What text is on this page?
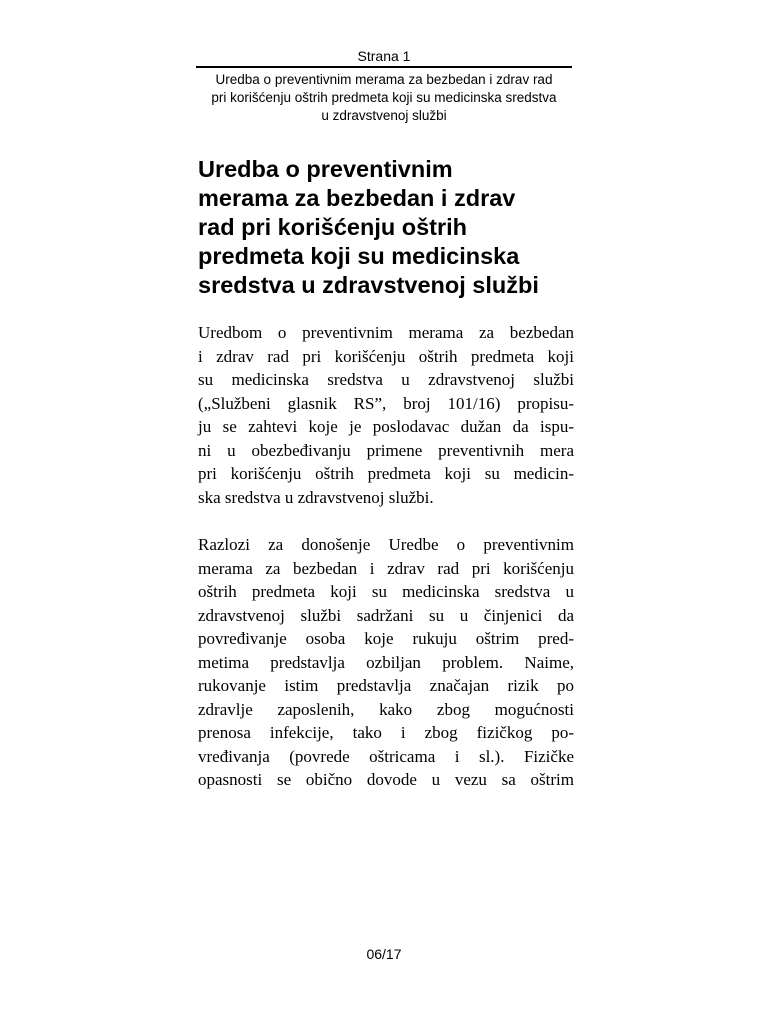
Strana 1
Uredba o preventivnim merama za bezbedan i zdrav rad
pri korišćenju oštrih predmeta koji su medicinska sredstva
u zdravstvenoj službi
Uredba o preventivnim
merama za bezbedan i zdrav
rad pri korišćenju oštrih
predmeta koji su medicinska
sredstva u zdravstvenoj službi

Uredbom o preventivnim merama za bezbedan
i zdrav rad pri korišćenju oštrih predmeta koji
su medicinska sredstva u zdravstvenoj službi
(„Službeni glasnik RS”, broj 101/16) propisu-
ju se zahtevi koje je poslodavac dužan da ispu-
ni u obezbeđivanju primene preventivnih mera
pri korišćenju oštrih predmeta koji su medicin-
ska sredstva u zdravstvenoj službi.

Razlozi za donošenje Uredbe o preventivnim
merama za bezbedan i zdrav rad pri korišćenju
oštrih predmeta koji su medicinska sredstva u
zdravstvenoj službi sadržani su u činjenici da
povređivanje osoba koje rukuju oštrim pred-
metima predstavlja ozbiljan problem. Naime,
rukovanje istim predstavlja značajan rizik po
zdravlje zaposlenih, kako zbog mogućnosti
prenosa infekcije, tako i zbog fizičkog po-
vređivanja (povrede oštricama i sl.). Fizičke
opasnosti se obično dovode u vezu sa oštrim

06/17
